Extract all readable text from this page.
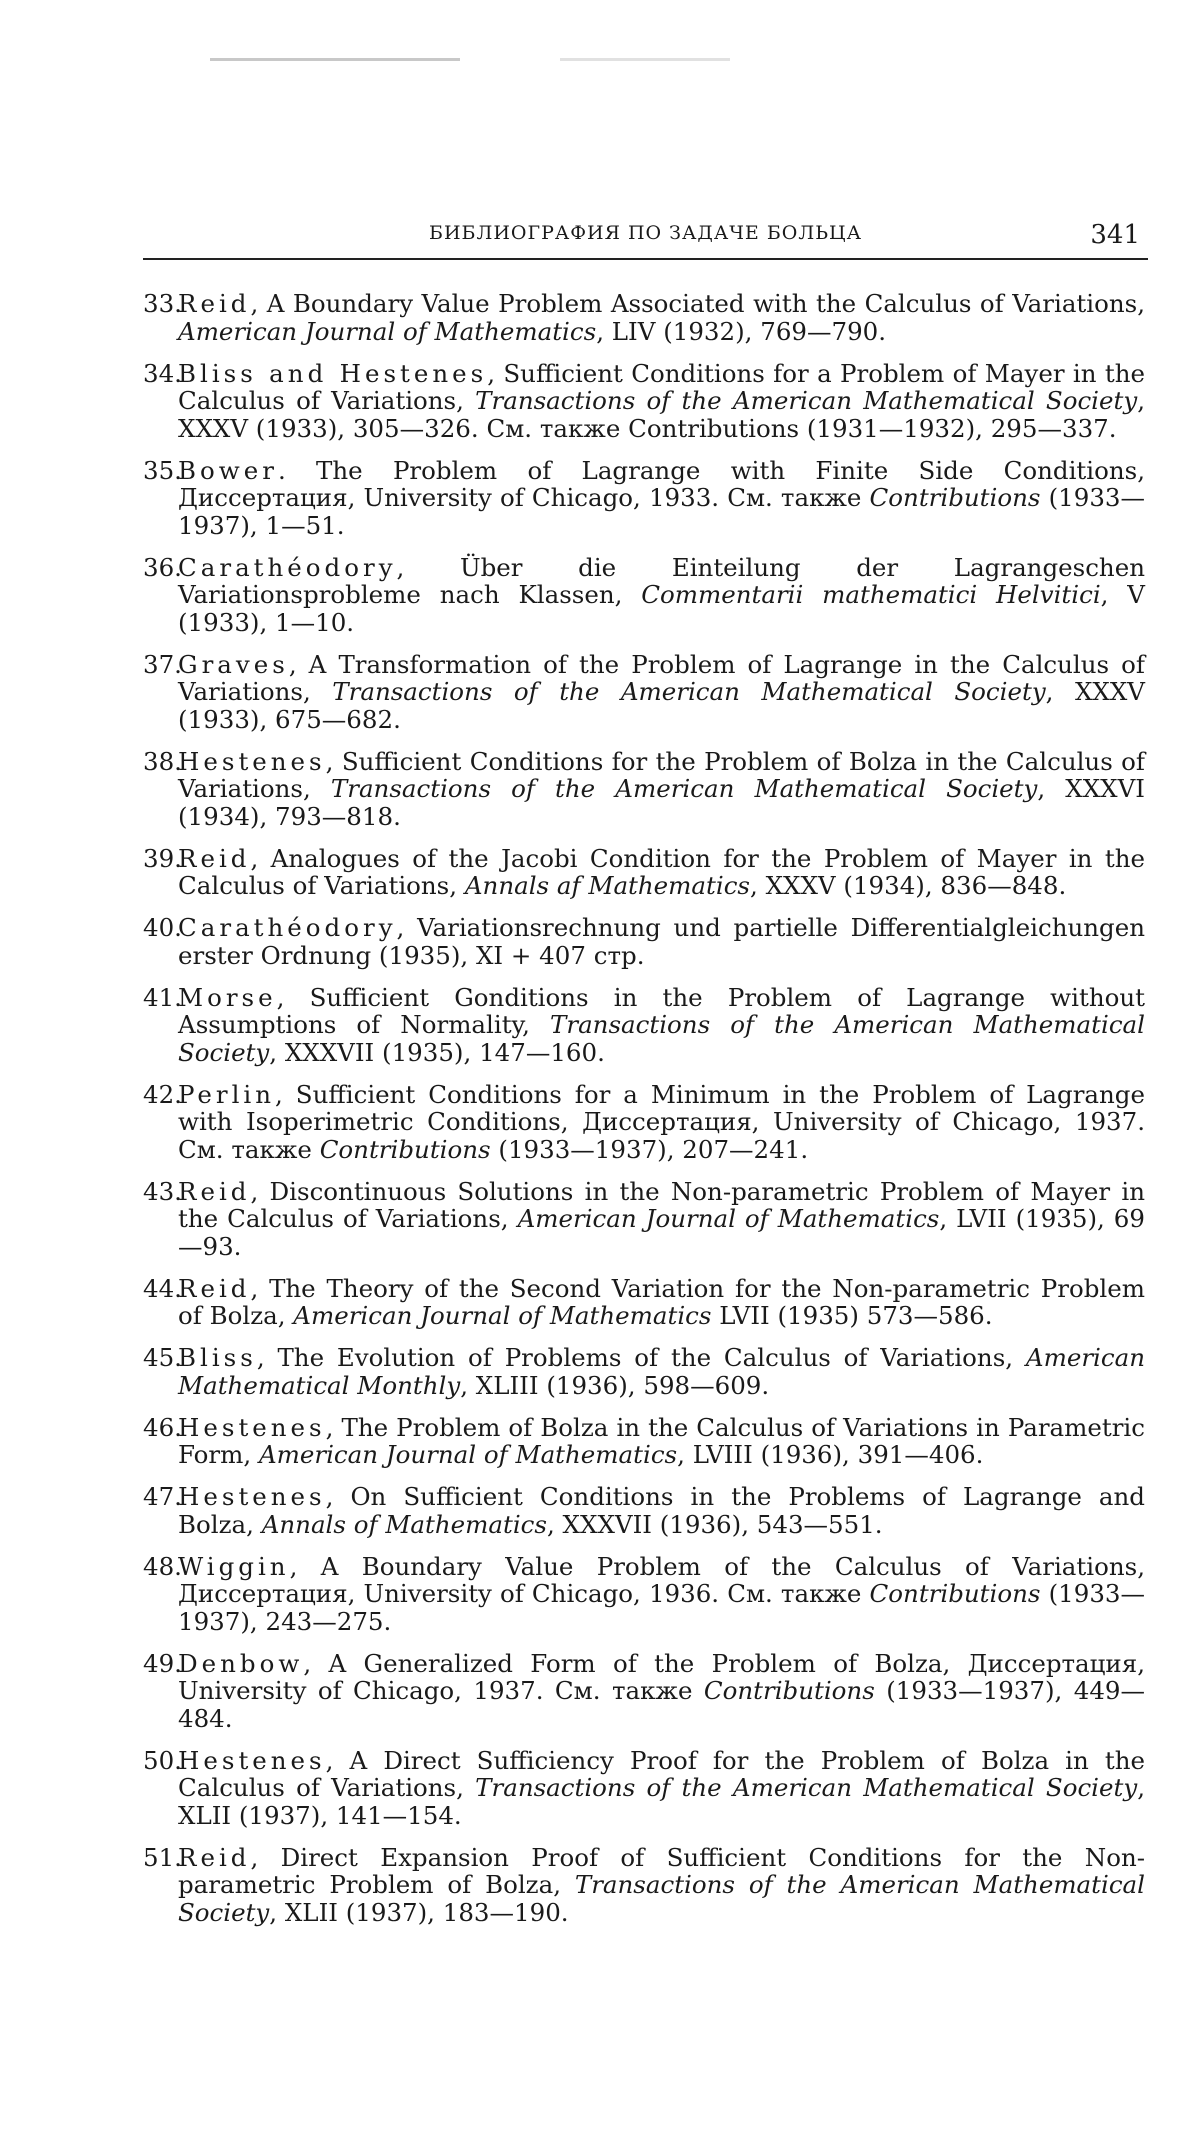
БИБЛИОГРАФИЯ ПО ЗАДАЧЕ БОЛЬЦА	341
33.
Reid, A Boundary Value Problem Associated with the Calculus of Variations, American Journal of Mathematics, LIV (1932), 769—790.
34.
Bliss and Hestenes, Sufficient Conditions for a Problem of Mayer in the Calculus of Variations, Transactions of the American Mathematical Society, XXXV (1933), 305—326. См. также Contributions (1931—1932), 295—337.
35.
Bower. The Problem of Lagrange with Finite Side Conditions, Диссертация, University of Chicago, 1933. См. также Contributions (1933—1937), 1—51.
36.
Carathéodory, Über die Einteilung der Lagrangeschen Variationsprobleme nach Klassen, Commentarii mathematici Helvitici, V (1933), 1—10.
37.
Graves, A Transformation of the Problem of Lagrange in the Calculus of Variations, Transactions of the American Mathematical Society, XXXV (1933), 675—682.
38.
Hestenes, Sufficient Conditions for the Problem of Bolza in the Calculus of Variations, Transactions of the American Mathematical Society, XXXVI (1934), 793—818.
39.
Reid, Analogues of the Jacobi Condition for the Problem of Mayer in the Calculus of Variations, Annals af Mathematics, XXXV (1934), 836—848.
40.
Carathéodory, Variationsrechnung und partielle Differentialgleichungen erster Ordnung (1935), XI + 407 стр.
41.
Morse, Sufficient Gonditions in the Problem of Lagrange without Assumptions of Normality, Transactions of the American Mathematical Society, XXXVII (1935), 147—160.
42.
Perlin, Sufficient Conditions for a Minimum in the Problem of Lagrange with Isoperimetric Conditions, Диссертация, University of Chicago, 1937. См. также Contributions (1933—1937), 207—241.
43.
Reid, Discontinuous Solutions in the Non-parametric Problem of Mayer in the Calculus of Variations, American Journal of Mathematics, LVII (1935), 69—93.
44.
Reid, The Theory of the Second Variation for the Non-parametric Problem of Bolza, American Journal of Mathematics LVII (1935) 573—586.
45.
Bliss, The Evolution of Problems of the Calculus of Variations, American Mathematical Monthly, XLIII (1936), 598—609.
46.
Hestenes, The Problem of Bolza in the Calculus of Variations in Parametric Form, American Journal of Mathematics, LVIII (1936), 391—406.
47.
Hestenes, On Sufficient Conditions in the Problems of Lagrange and Bolza, Annals of Mathematics, XXXVII (1936), 543—551.
48.
Wiggin, A Boundary Value Problem of the Calculus of Variations, Диссертация, University of Chicago, 1936. См. также Contributions (1933—1937), 243—275.
49.
Denbow, A Generalized Form of the Problem of Bolza, Диссертация, University of Chicago, 1937. См. также Contributions (1933—1937), 449—484.
50.
Hestenes, A Direct Sufficiency Proof for the Problem of Bolza in the Calculus of Variations, Transactions of the American Mathematical Society, XLII (1937), 141—154.
51.
Reid, Direct Expansion Proof of Sufficient Conditions for the Non-parametric Problem of Bolza, Transactions of the American Mathematical Society, XLII (1937), 183—190.
